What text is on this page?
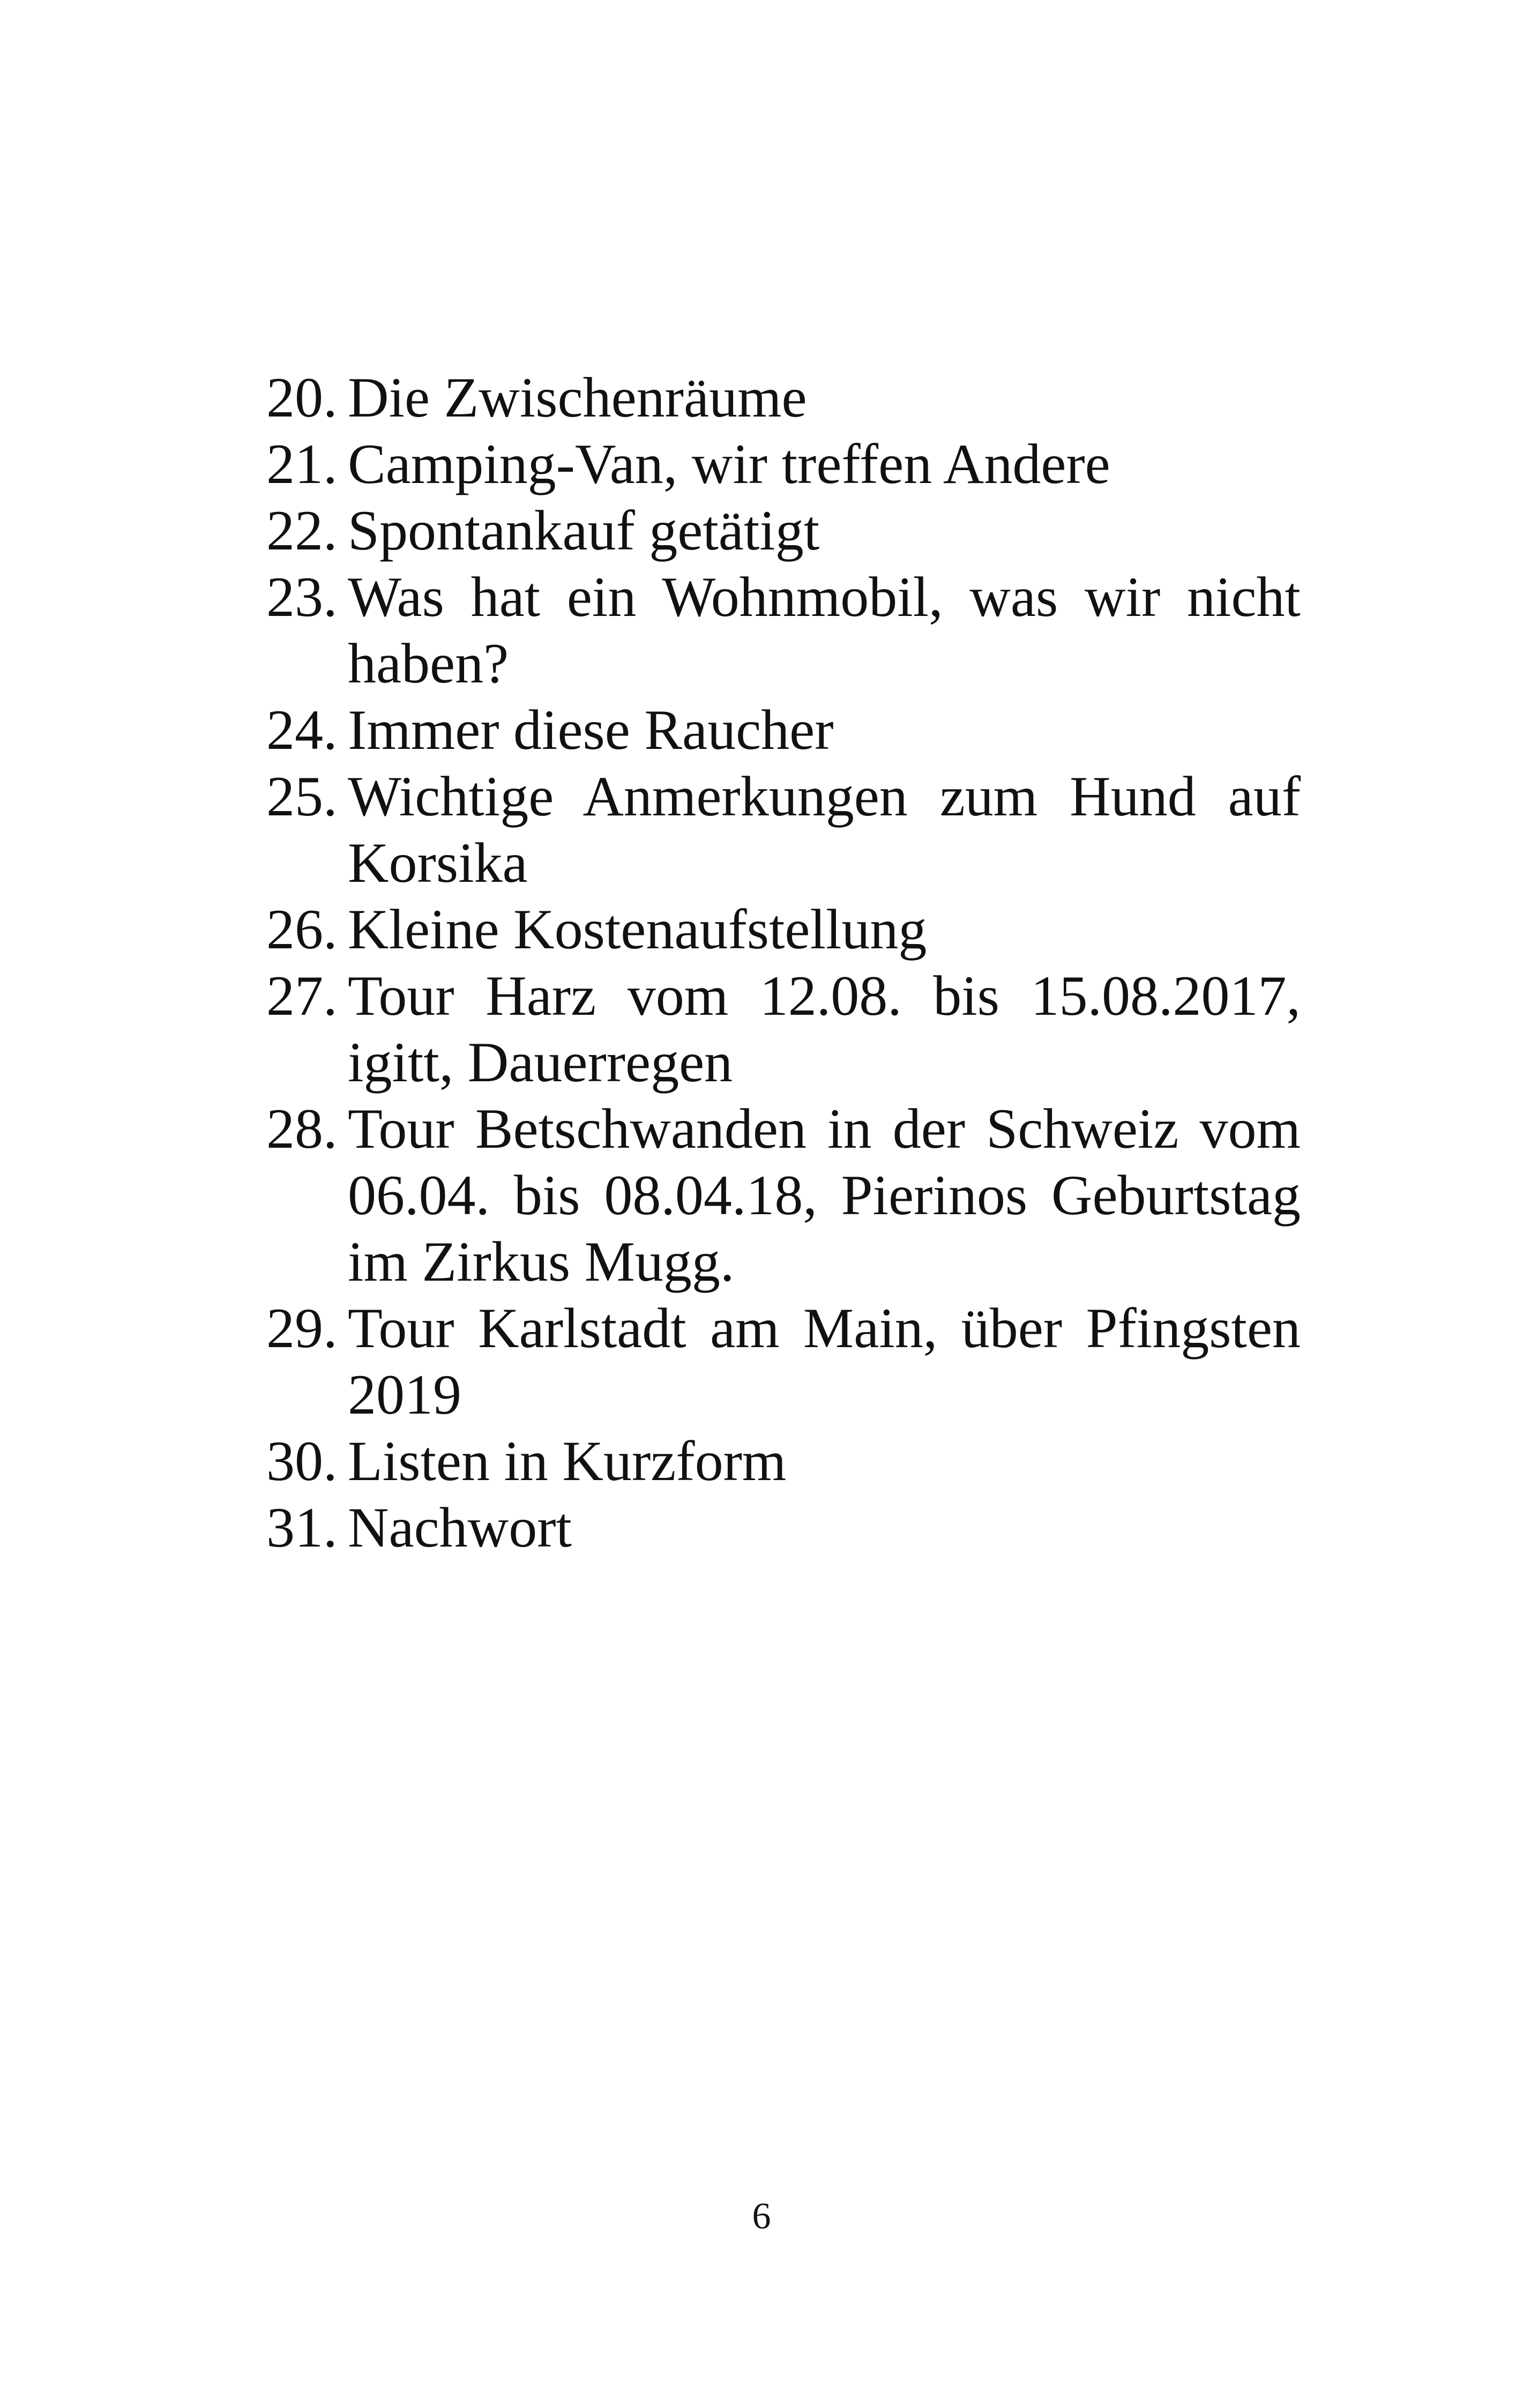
20. Die Zwischenräume
21. Camping-Van, wir treffen Andere
22. Spontankauf getätigt
23. Was hat ein Wohnmobil, was wir nicht haben?
24. Immer diese Raucher
25. Wichtige Anmerkungen zum Hund auf Korsika
26. Kleine Kostenaufstellung
27. Tour Harz vom 12.08. bis 15.08.2017, igitt, Dauerregen
28. Tour Betschwanden in der Schweiz vom 06.04. bis 08.04.18, Pierinos Geburtstag im Zirkus Mugg.
29. Tour Karlstadt am Main, über Pfingsten 2019
30. Listen in Kurzform
31. Nachwort
6
